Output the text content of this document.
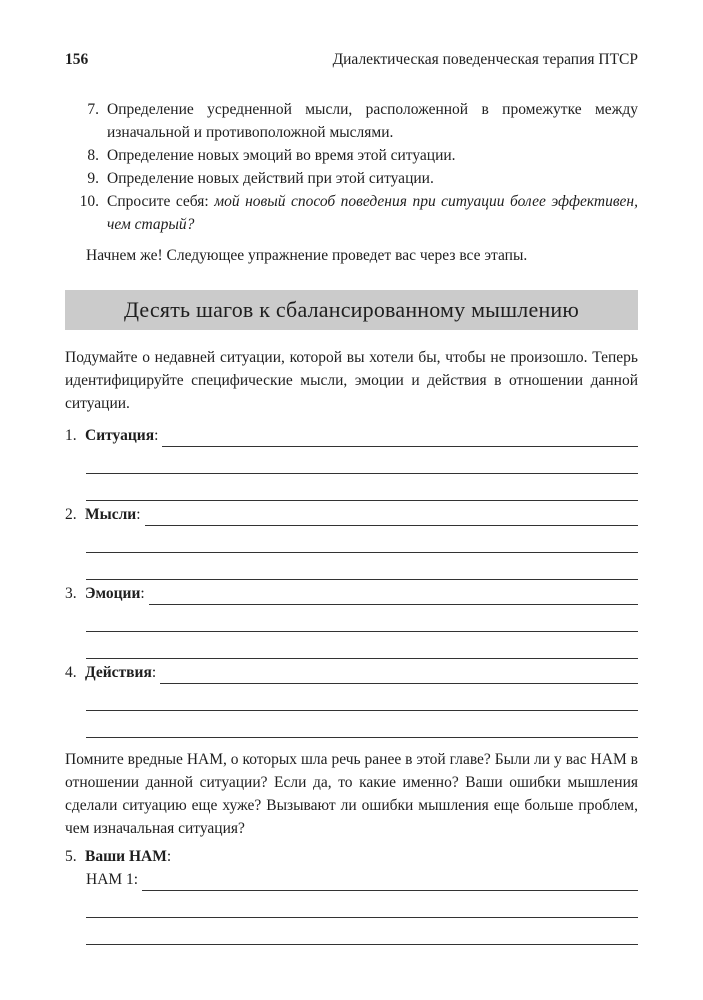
156	Диалектическая поведенческая терапия ПТСР
7. Определение усредненной мысли, расположенной в промежутке между изначальной и противоположной мыслями.
8. Определение новых эмоций во время этой ситуации.
9. Определение новых действий при этой ситуации.
10. Спросите себя: мой новый способ поведения при ситуации более эффективен, чем старый?

Начнем же! Следующее упражнение проведет вас через все этапы.

Десять шагов к сбалансированному мышлению

Подумайте о недавней ситуации, которой вы хотели бы, чтобы не произошло. Теперь идентифицируйте специфические мысли, эмоции и действия в отношении данной ситуации.

1. Ситуация :
2. Мысли :
3. Эмоции :
4. Действия :

Помните вредные НАМ, о которых шла речь ранее в этой главе? Были ли у вас НАМ в отношении данной ситуации? Если да, то какие именно? Ваши ошибки мышления сделали ситуацию еще хуже? Вызывают ли ошибки мышления еще больше проблем, чем изначальная ситуация?

5. Ваши НАМ :
НАМ 1:
